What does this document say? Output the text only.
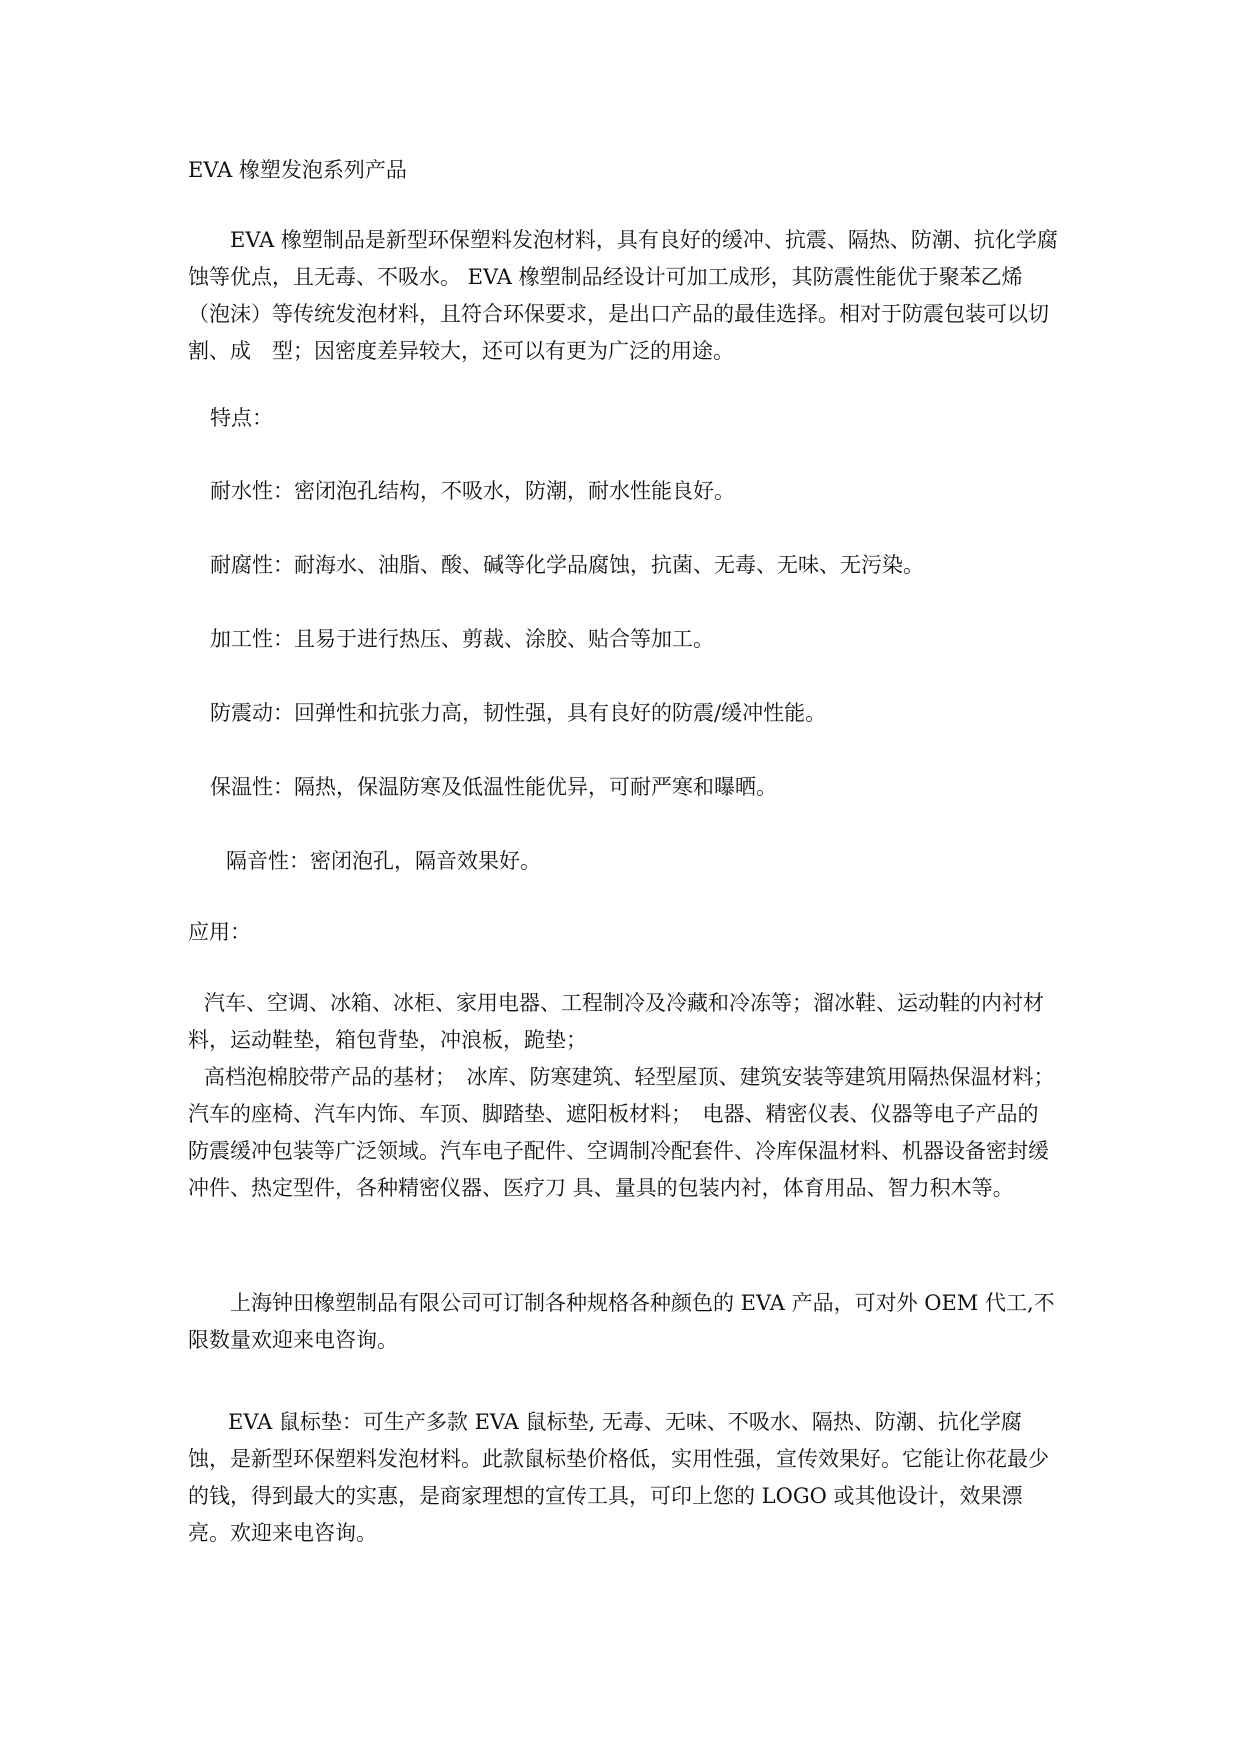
EVA 橡塑发泡系列产品

EVA 橡塑制品是新型环保塑料发泡材料，具有良好的缓冲、抗震、隔热、防潮、抗化学腐蚀等优点，且无毒、不吸水。 EVA 橡塑制品经设计可加工成形，其防震性能优于聚苯乙烯（泡沫）等传统发泡材料，且符合环保要求，是出口产品的最佳选择。相对于防震包装可以切割、成　型；因密度差异较大，还可以有更为广泛的用途。

特点：

耐水性：密闭泡孔结构，不吸水，防潮，耐水性能良好。

耐腐性：耐海水、油脂、酸、碱等化学品腐蚀，抗菌、无毒、无味、无污染。

加工性：且易于进行热压、剪裁、涂胶、贴合等加工。

防震动：回弹性和抗张力高，韧性强，具有良好的防震/缓冲性能。

保温性：隔热，保温防寒及低温性能优异，可耐严寒和曝晒。

隔音性：密闭泡孔，隔音效果好。

应用：

汽车、空调、冰箱、冰柜、家用电器、工程制冷及冷藏和冷冻等；溜冰鞋、运动鞋的内衬材料，运动鞋垫，箱包背垫，冲浪板，跪垫；

高档泡棉胶带产品的基材；　冰库、防寒建筑、轻型屋顶、建筑安装等建筑用隔热保温材料；　汽车的座椅、汽车内饰、车顶、脚踏垫、遮阳板材料；　电器、精密仪表、仪器等电子产品的防震缓冲包装等广泛领域。汽车电子配件、空调制冷配套件、冷库保温材料、机器设备密封缓冲件、热定型件，各种精密仪器、医疗刀 具、量具的包装内衬，体育用品、智力积木等。

上海钟田橡塑制品有限公司可订制各种规格各种颜色的 EVA 产品，可对外 OEM 代工,不限数量欢迎来电咨询。

EVA 鼠标垫：可生产多款 EVA 鼠标垫, 无毒、无味、不吸水、隔热、防潮、抗化学腐蚀，是新型环保塑料发泡材料。此款鼠标垫价格低，实用性强，宣传效果好。它能让你花最少的钱，得到最大的实惠，是商家理想的宣传工具，可印上您的 LOGO 或其他设计，效果漂亮。欢迎来电咨询。
